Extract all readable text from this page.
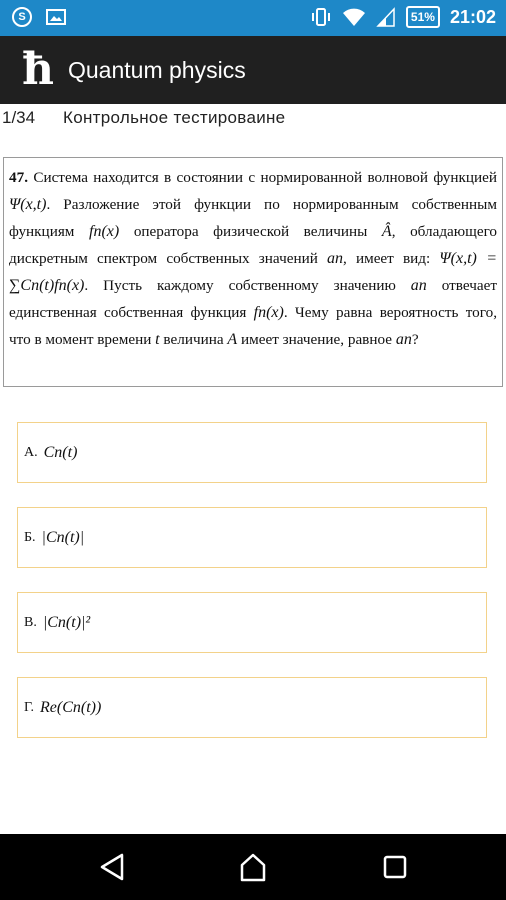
S	51% 21:02
ħ Quantum physics
1/34 Контрольное тестироваине
47. Система находится в состоянии с нормированной волновой функцией Ψ(x,t). Разложение этой функции по нормированным собственным функциям fn(x) оператора физической величины Â, обладающего дискретным спектром собственных значений an, имеет вид: Ψ(x,t) = ∑Cn(t)fn(x). Пусть каждому собственному значению an отвечает единственная собственная функция fn(x). Чему равна вероятность того, что в момент времени t величина A имеет значение, равное an?
А. Cn(t)
Б. |Cn(t)|
В. |Cn(t)|²
Г. Re(Cn(t))
